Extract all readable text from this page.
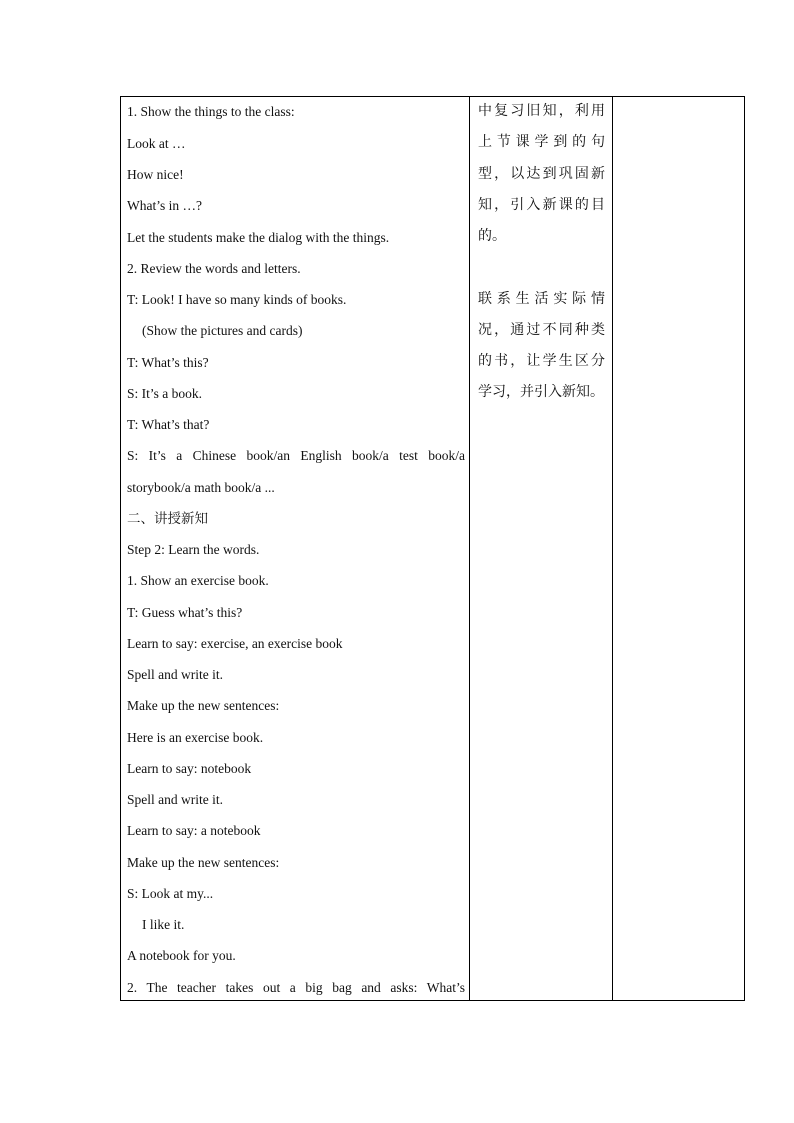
1. Show the things to the class:
Look at …
How nice!
What’s in …?
Let the students make the dialog with the things.
2. Review the words and letters.
T: Look! I have so many kinds of books.
(Show the pictures and cards)
T: What’s this?
S: It’s a book.
T: What’s that?
S: It’s a Chinese book/an English book/a test book/a
storybook/a math book/a ...
二、讲授新知
Step 2: Learn the words.
1. Show an exercise book.
T: Guess what’s this?
Learn to say: exercise, an exercise book
Spell and write it.
Make up the new sentences:
Here is an exercise book.
Learn to say: notebook
Spell and write it.
Learn to say: a notebook
Make up the new sentences:
S: Look at my...
I like it.
A notebook for you.
2. The teacher takes out a big bag and asks: What’s
中复习旧知，利用
上节课学到的句
型，以达到巩固新
知，引入新课的目
的。
联系生活实际情
况，通过不同种类
的书，让学生区分
学习，并引入新知。
